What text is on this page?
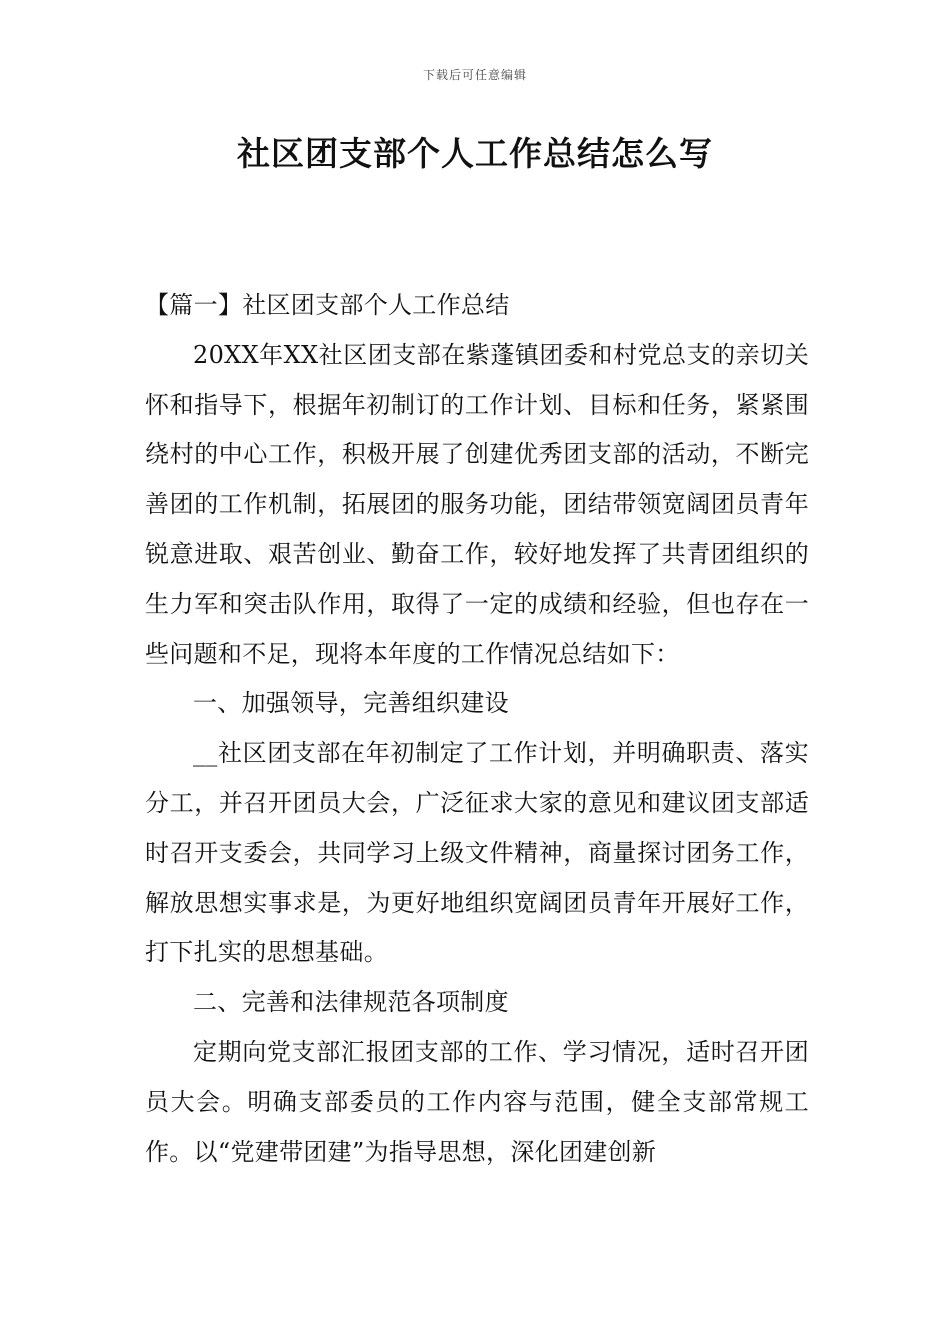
下载后可任意编辑
社区团支部个人工作总结怎么写

【篇一】社区团支部个人工作总结

20XX年XX社区团支部在紫蓬镇团委和村党总支的亲切关怀和指导下，根据年初制订的工作计划、目标和任务，紧紧围绕村的中心工作，积极开展了创建优秀团支部的活动，不断完善团的工作机制，拓展团的服务功能，团结带领宽阔团员青年锐意进取、艰苦创业、勤奋工作，较好地发挥了共青团组织的生力军和突击队作用，取得了一定的成绩和经验，但也存在一些问题和不足，现将本年度的工作情况总结如下：

一、加强领导，完善组织建设

__社区团支部在年初制定了工作计划，并明确职责、落实分工，并召开团员大会，广泛征求大家的意见和建议团支部适时召开支委会，共同学习上级文件精神，商量探讨团务工作，解放思想实事求是，为更好地组织宽阔团员青年开展好工作，打下扎实的思想基础。

二、完善和法律规范各项制度

定期向党支部汇报团支部的工作、学习情况，适时召开团员大会。明确支部委员的工作内容与范围，健全支部常规工作。以“党建带团建”为指导思想，深化团建创新
